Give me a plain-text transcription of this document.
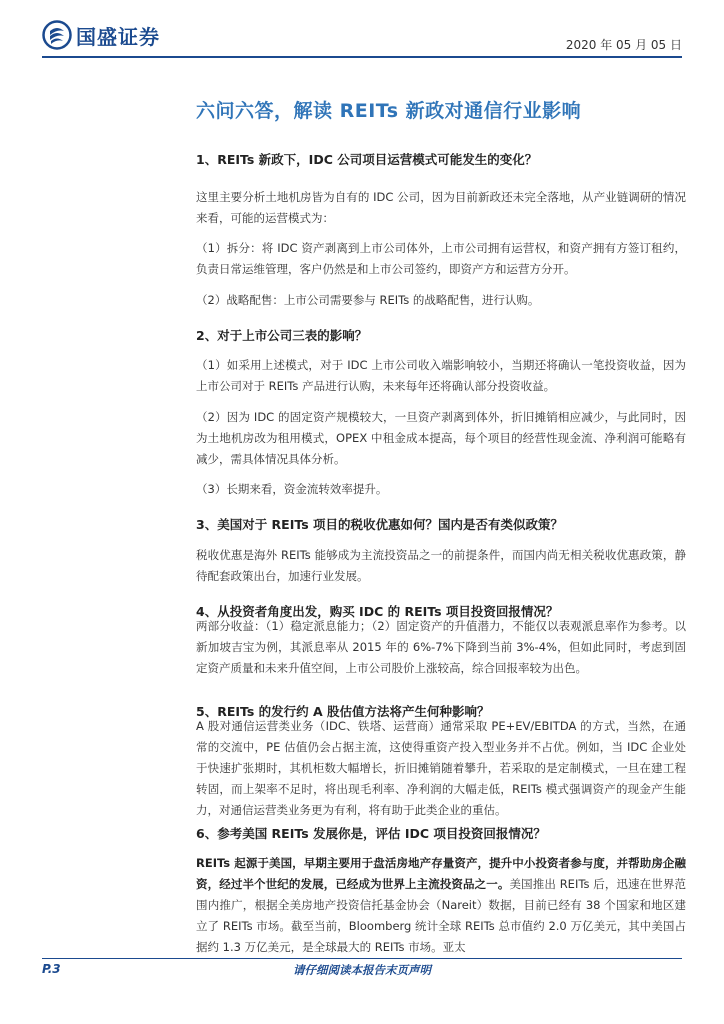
国盛证券	2020 年 05 月 05 日
六问六答，解读 REITs 新政对通信行业影响
1、REITs 新政下，IDC 公司项目运营模式可能发生的变化？

这里主要分析土地机房皆为自有的 IDC 公司，因为目前新政还未完全落地，从产业链调研的情况来看，可能的运营模式为：

（1）拆分：将 IDC 资产剥离到上市公司体外，上市公司拥有运营权，和资产拥有方签订租约，负责日常运维管理，客户仍然是和上市公司签约，即资产方和运营方分开。

（2）战略配售：上市公司需要参与 REITs 的战略配售，进行认购。

2、对于上市公司三表的影响？

（1）如采用上述模式，对于 IDC 上市公司收入端影响较小，当期还将确认一笔投资收益，因为上市公司对于 REITs 产品进行认购，未来每年还将确认部分投资收益。

（2）因为 IDC 的固定资产规模较大，一旦资产剥离到体外，折旧摊销相应减少，与此同时，因为土地机房改为租用模式，OPEX 中租金成本提高，每个项目的经营性现金流、净利润可能略有减少，需具体情况具体分析。

（3）长期来看，资金流转效率提升。

3、美国对于 REITs 项目的税收优惠如何？国内是否有类似政策？

税收优惠是海外 REITs 能够成为主流投资品之一的前提条件，而国内尚无相关税收优惠政策，静待配套政策出台，加速行业发展。

4、从投资者角度出发，购买 IDC 的 REITs 项目投资回报情况？

两部分收益：（1）稳定派息能力；（2）固定资产的升值潜力，不能仅以表观派息率作为参考。以新加坡吉宝为例，其派息率从 2015 年的 6%-7%下降到当前 3%-4%，但如此同时，考虑到固定资产质量和未来升值空间，上市公司股价上涨较高，综合回报率较为出色。

5、REITs 的发行约 A 股估值方法将产生何种影响？

A 股对通信运营类业务（IDC、铁塔、运营商）通常采取 PE+EV/EBITDA 的方式，当然，在通常的交流中，PE 估值仍会占据主流，这使得重资产投入型业务并不占优。例如，当 IDC 企业处于快速扩张期时，其机柜数大幅增长，折旧摊销随着攀升，若采取的是定制模式，一旦在建工程转固，而上架率不足时，将出现毛利率、净利润的大幅走低，REITs 模式强调资产的现金产生能力，对通信运营类业务更为有利，将有助于此类企业的重估。

6、参考美国 REITs 发展你是，评估 IDC 项目投资回报情况？

REITs 起源于美国，早期主要用于盘活房地产存量资产，提升中小投资者参与度，并帮助房企融资，经过半个世纪的发展，已经成为世界上主流投资品之一。美国推出 REITs 后，迅速在世界范围内推广，根据全美房地产投资信托基金协会（Nareit）数据，目前已经有 38 个国家和地区建立了 REITs 市场。截至当前，Bloomberg 统计全球 REITs 总市值约 2.0 万亿美元，其中美国占据约 1.3 万亿美元，是全球最大的 REITs 市场。亚太

P.3	请仔细阅读本报告末页声明
